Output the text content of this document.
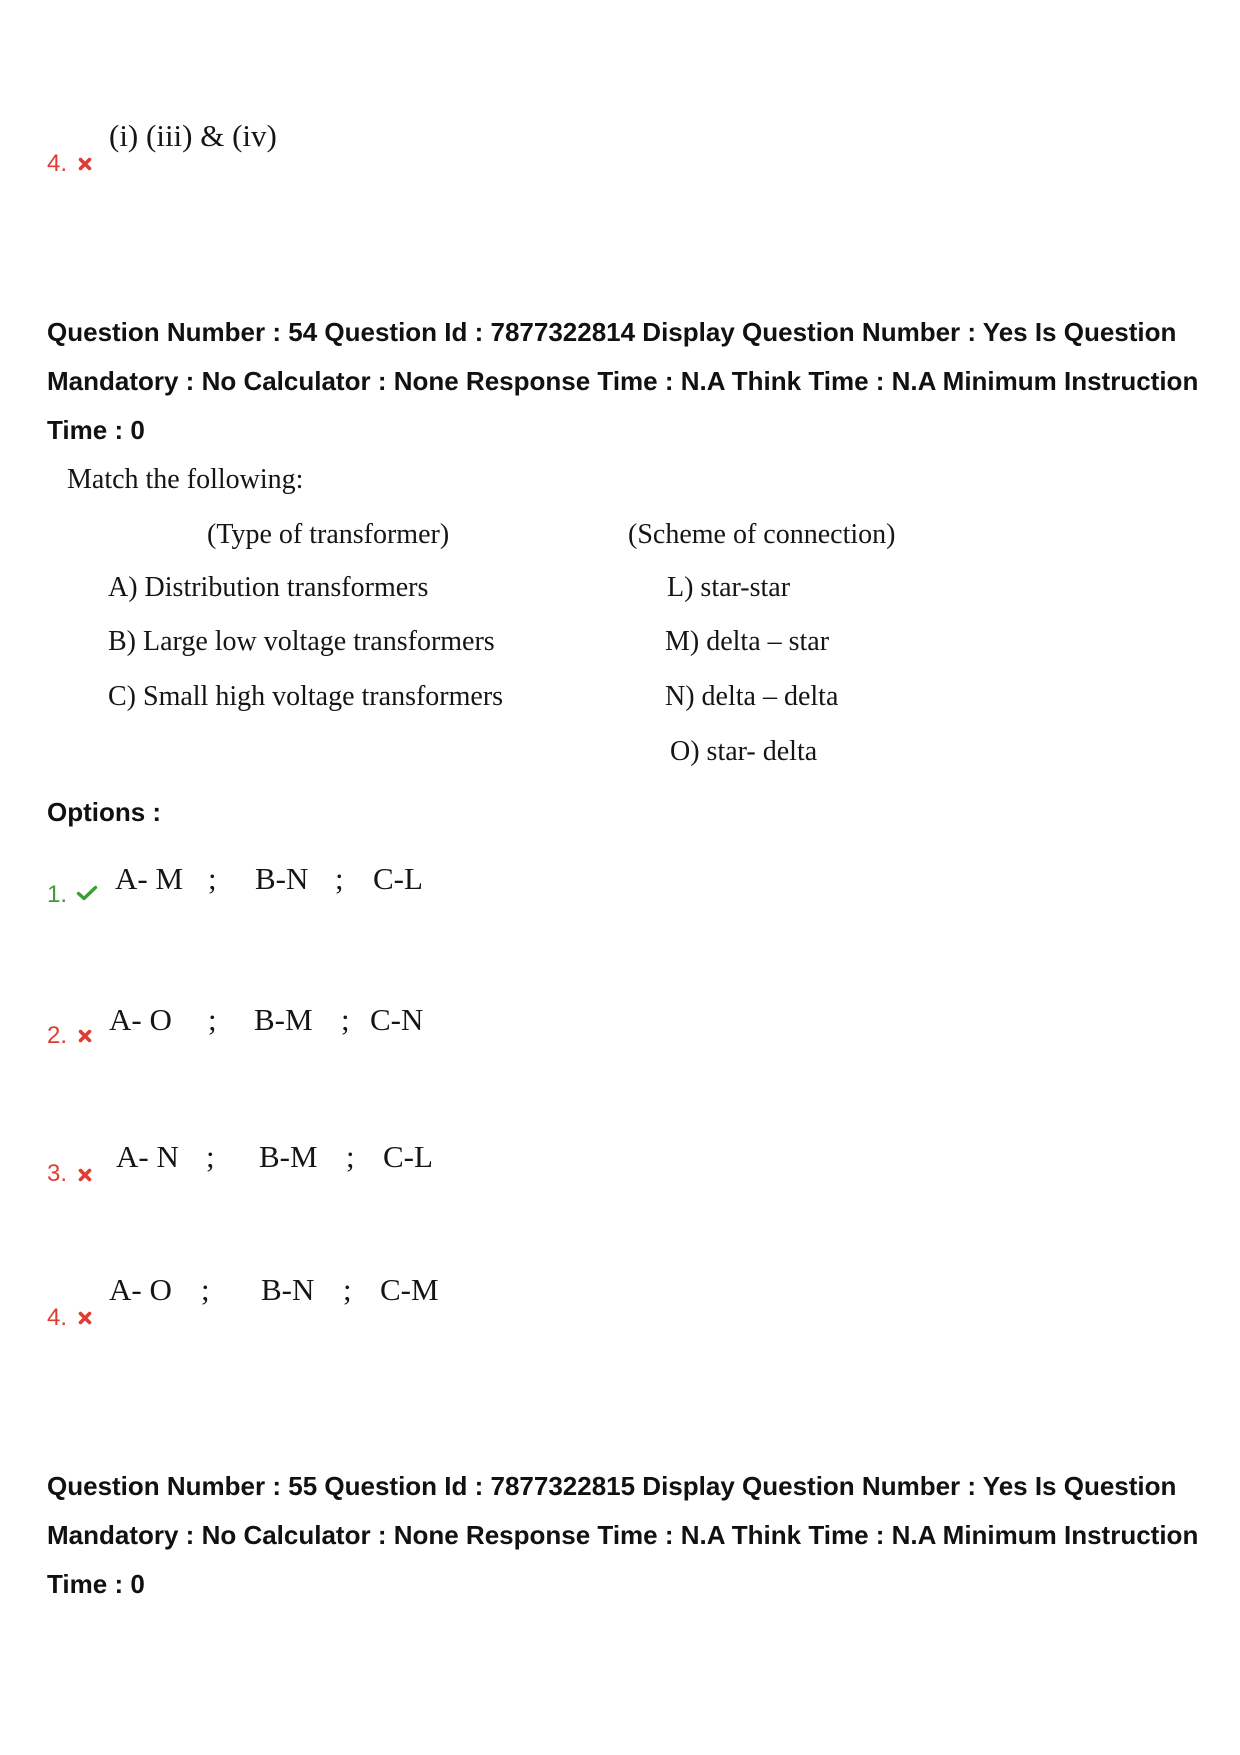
4.
(i) (iii) & (iv)
Question Number : 54 Question Id : 7877322814 Display Question Number : Yes Is Question
Mandatory : No Calculator : None Response Time : N.A Think Time : N.A Minimum Instruction
Time : 0
Match the following:
(Type of transformer)	(Scheme of connection)
A) Distribution transformers
B) Large low voltage transformers
C) Small high voltage transformers
L) star-star
M) delta – star
N) delta – delta
O) star- delta
Options :
1. A- M ; B-N ; C-L
2. A- O ; B-M ; C-N
3. A- N ; B-M ; C-L
4.
A- O ; B-N ; C-M
Question Number : 55 Question Id : 7877322815 Display Question Number : Yes Is Question
Mandatory : No Calculator : None Response Time : N.A Think Time : N.A Minimum Instruction
Time : 0
